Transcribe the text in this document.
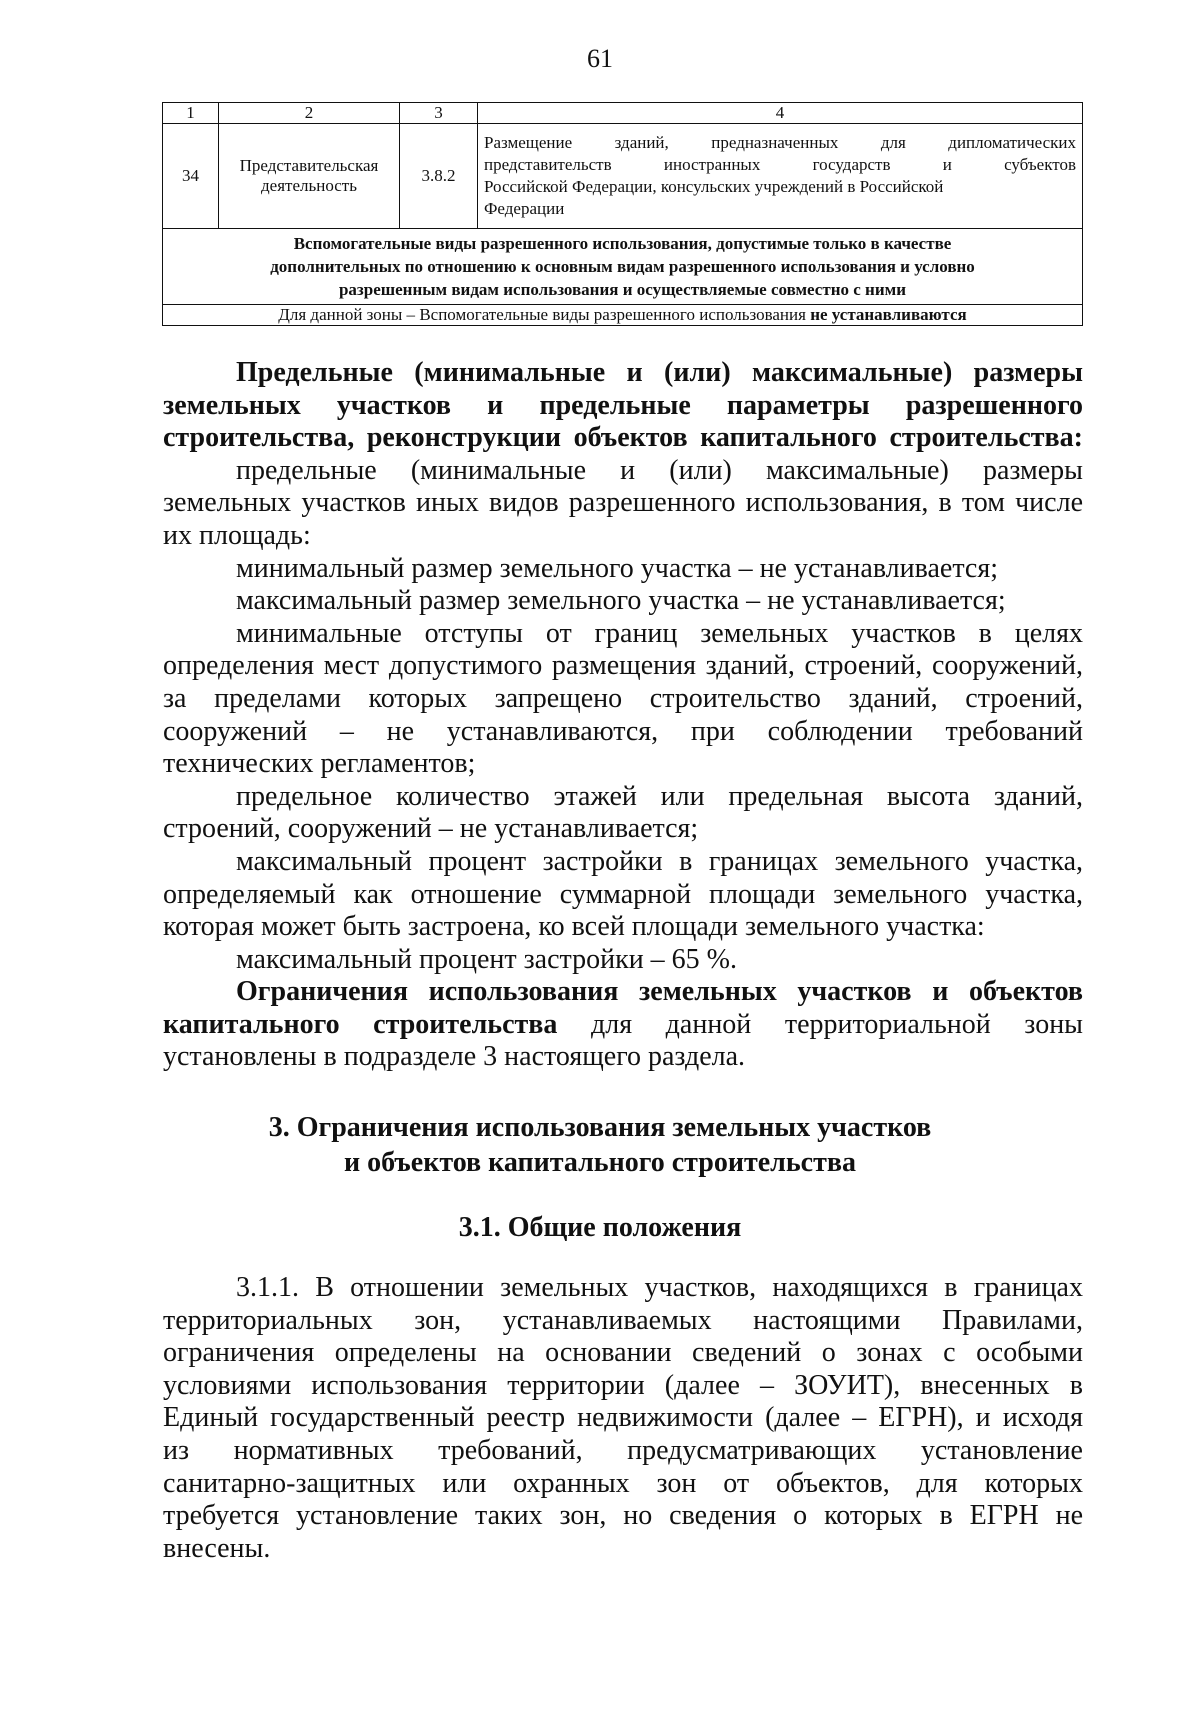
61
1	2	3	4
34	Представительская деятельность	3.8.2	Размещение зданий, предназначенных для дипломатических
представительств иностранных государств и субъектов
Российской Федерации, консульских учреждений в Российской
Федерации

Вспомогательные виды разрешенного использования, допустимые только в качестве
дополнительных по отношению к основным видам разрешенного использования и условно
разрешенным видам использования и осуществляемые совместно с ними			

Для данной зоны – Вспомогательные виды разрешенного использования не устанавливаются			
Предельные (минимальные и (или) максимальные) размеры
земельных участков и предельные параметры разрешенного
строительства, реконструкции объектов капитального строительства:
предельные (минимальные и (или) максимальные) размеры
земельных участков иных видов разрешенного использования, в том числе
их площадь:
минимальный размер земельного участка – не устанавливается;
максимальный размер земельного участка – не устанавливается;
минимальные отступы от границ земельных участков в целях
определения мест допустимого размещения зданий, строений, сооружений,
за пределами которых запрещено строительство зданий, строений,
сооружений – не устанавливаются, при соблюдении требований
технических регламентов;
предельное количество этажей или предельная высота зданий,
строений, сооружений – не устанавливается;
максимальный процент застройки в границах земельного участка,
определяемый как отношение суммарной площади земельного участка,
которая может быть застроена, ко всей площади земельного участка:
максимальный процент застройки – 65 %.
Ограничения использования земельных участков и объектов
капитального строительства для данной территориальной зоны
установлены в подразделе 3 настоящего раздела.
3. Ограничения использования земельных участков
и объектов капитального строительства
3.1. Общие положения
3.1.1. В отношении земельных участков, находящихся в границах
территориальных зон, устанавливаемых настоящими Правилами,
ограничения определены на основании сведений о зонах с особыми
условиями использования территории (далее – ЗОУИТ), внесенных в
Единый государственный реестр недвижимости (далее – ЕГРН), и исходя
из нормативных требований, предусматривающих установление
санитарно-защитных или охранных зон от объектов, для которых
требуется установление таких зон, но сведения о которых в ЕГРН не
внесены.
